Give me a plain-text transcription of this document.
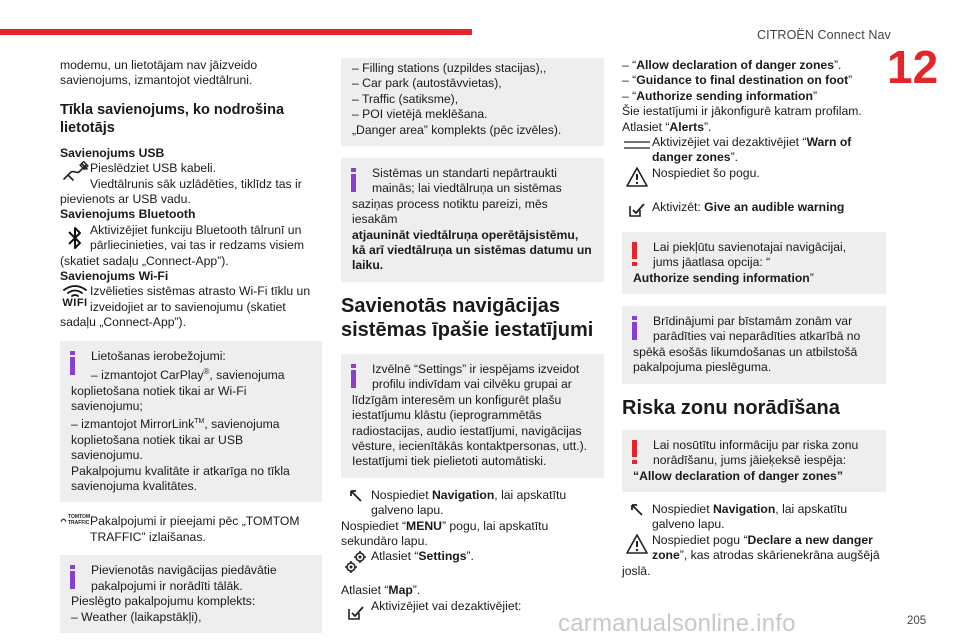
CITROËN Connect Nav
12

modemu, un lietotājam nav jāizveido
savienojums, izmantojot viedtālruni.

Tīkla savienojums, ko nodrošina
lietotājs

Savienojums USB

Pieslēdziet USB kabeli.

Viedtālrunis sāk uzlādēties, tiklīdz tas ir

pievienots ar USB vadu.

Savienojums Bluetooth

Aktivizējiet funkciju Bluetooth tālrunī un pārliecinieties, vai tas ir redzams visiem

(skatiet sadaļu „Connect-App”).

Savienojums Wi-Fi

WIFI
Izvēlieties sistēmas atrasto Wi-Fi tīklu un izveidojiet ar to savienojumu (skatiet

sadaļu „Connect-App”).

Lietošanas ierobežojumi:

– izmantojot CarPlay®, savienojuma

koplietošana notiek tikai ar Wi-Fi

savienojumu;

– izmantojot MirrorLink™, savienojuma

koplietošana notiek tikai ar USB savienojumu.

Pakalpojumu kvalitāte ir atkarīga no tīkla

savienojuma kvalitātes.

TOMTOM TRAFFIC Pakalpojumi ir pieejami pēc „TOMTOM TRAFFIC” izlaišanas.

Pievienotās navigācijas piedāvātie pakalpojumi ir norādīti tālāk.

Pieslēgto pakalpojumu komplekts:

– Weather (laikapstākļi),

– Filling stations (uzpildes stacijas),,

– Car park (autostāvvietas),

– Traffic (satiksme),

– POI vietējā meklēšana.

„Danger area” komplekts (pēc izvēles).

Sistēmas un standarti nepārtraukti mainās; lai viedtālruņa un sistēmas

saziņas process notiktu pareizi, mēs iesakām

atjaunināt viedtālruņa operētājsistēmu, kā arī viedtālruņa un sistēmas datumu un laiku.

Savienotās navigācijas
sistēmas īpašie iestatījumi

Izvēlnē “Settings” ir iespējams izveidot profilu indivīdam vai cilvēku grupai ar

līdzīgām interesēm un konfigurēt plašu iestatījumu klāstu (ieprogrammētās radiostacijas, audio iestatījumi, navigācijas vēsture, iecienītākās kontaktpersonas, utt.). Iestatījumi tiek pielietoti automātiski.

Nospiediet Navigation, lai apskatītu galveno lapu.

Nospiediet “MENU” pogu, lai apskatītu sekundāro lapu.

Atlasiet “Settings”.

Atlasiet “Map”.

Aktivizējiet vai dezaktivējiet:

– “Allow declaration of danger zones”.

– “Guidance to final destination on foot”

– “Authorize sending information”

Šie iestatījumi ir jākonfigurē katram profilam.

Atlasiet “Alerts”.

Aktivizējiet vai dezaktivējiet “Warn of danger zones”.

Nospiediet šo pogu.

Aktivizēt: Give an audible warning

Lai piekļūtu savienotajai navigācijai, jums jāatlasa opcija: “

Authorize sending information”

Brīdinājumi par bīstamām zonām var parādīties vai neparādīties atkarībā no

spēkā esošās likumdošanas un atbilstošā pakalpojuma pieslēguma.

Riska zonu norādīšana

Lai nosūtītu informāciju par riska zonu norādīšanu, jums jāieķeksē iespēja:

“Allow declaration of danger zones”

Nospiediet Navigation, lai apskatītu galveno lapu.

Nospiediet pogu “Declare a new danger zone”, kas atrodas skārienekrāna augšējā

joslā.

carmanualsonline.info	205
